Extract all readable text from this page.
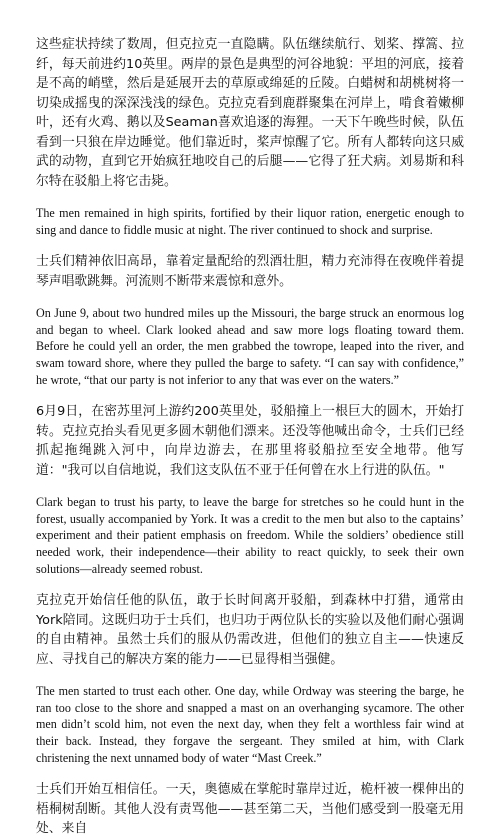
这些症状持续了数周，但克拉克一直隐瞒。队伍继续航行、划桨、撑篙、拉纤，每天前进约10英里。两岸的景色是典型的河谷地貌：平坦的河底，接着是不高的峭壁，然后是延展开去的草原或绵延的丘陵。白蜡树和胡桃树将一切染成摇曳的深深浅浅的绿色。克拉克看到鹿群聚集在河岸上，啃食着嫩柳叶，还有火鸡、鹅以及Seaman喜欢追逐的海狸。一天下午晚些时候，队伍看到一只狼在岸边睡觉。他们靠近时，桨声惊醒了它。所有人都转向这只威武的动物，直到它开始疯狂地咬自己的后腿——它得了狂犬病。刘易斯和科尔特在驳船上将它击毙。

The men remained in high spirits, fortified by their liquor ration, energetic enough to sing and dance to fiddle music at night. The river continued to shock and surprise.

士兵们精神依旧高昂，靠着定量配给的烈酒壮胆，精力充沛得在夜晚伴着提琴声唱歌跳舞。河流则不断带来震惊和意外。

On June 9, about two hundred miles up the Missouri, the barge struck an enormous log and began to wheel. Clark looked ahead and saw more logs floating toward them. Before he could yell an order, the men grabbed the towrope, leaped into the river, and swam toward shore, where they pulled the barge to safety. “I can say with confidence,” he wrote, “that our party is not inferior to any that was ever on the waters.”

6月9日，在密苏里河上游约200英里处，驳船撞上一根巨大的圆木，开始打转。克拉克抬头看见更多圆木朝他们漂来。还没等他喊出命令，士兵们已经抓起拖绳跳入河中，向岸边游去，在那里将驳船拉至安全地带。他写道："我可以自信地说，我们这支队伍不亚于任何曾在水上行进的队伍。"

Clark began to trust his party, to leave the barge for stretches so he could hunt in the forest, usually accompanied by York. It was a credit to the men but also to the captains’ experiment and their patient emphasis on freedom. While the soldiers’ obedience still needed work, their independence—their ability to react quickly, to seek their own solutions—already seemed robust.

克拉克开始信任他的队伍，敢于长时间离开驳船，到森林中打猎，通常由York陪同。这既归功于士兵们，也归功于两位队长的实验以及他们耐心强调的自由精神。虽然士兵们的服从仍需改进，但他们的独立自主——快速反应、寻找自己的解决方案的能力——已显得相当强健。

The men started to trust each other. One day, while Ordway was steering the barge, he ran too close to the shore and snapped a mast on an overhanging sycamore. The other men didn’t scold him, not even the next day, when they felt a worthless fair wind at their back. Instead, they forgave the sergeant. They smiled at him, with Clark christening the next unnamed body of water “Mast Creek.”

士兵们开始互相信任。一天，奥德威在掌舵时靠岸过近，桅杆被一棵伸出的梧桐树刮断。其他人没有责骂他——甚至第二天，当他们感受到一股毫无用处、来自
